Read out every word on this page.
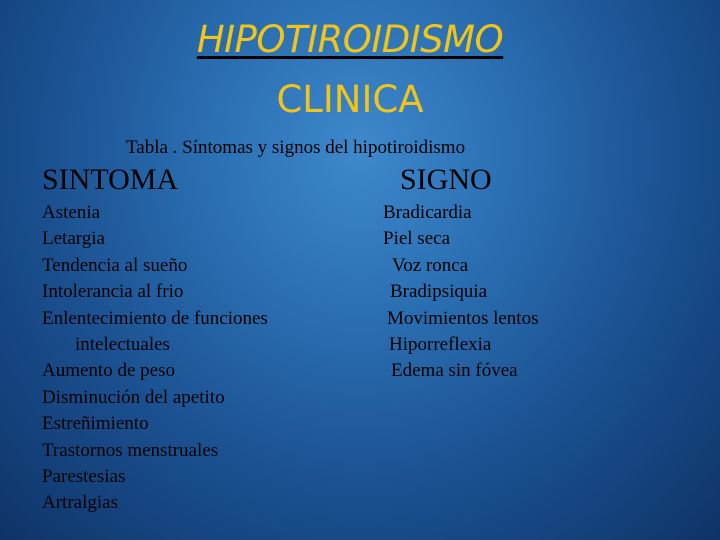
HIPOTIROIDISMO
CLINICA
Tabla . Síntomas y signos del hipotiroidismo
SINTOMA	SIGNO
Astenia
Letargia
Tendencia al sueño
Intolerancia al frio
Enlentecimiento de funciones
intelectuales
Aumento de peso
Disminución del apetito
Estreñimiento
Trastornos menstruales
Parestesias
Artralgias
Bradicardia
Piel seca
Voz ronca
Bradipsiquia
Movimientos lentos
Hiporreflexia
Edema sin fóvea
